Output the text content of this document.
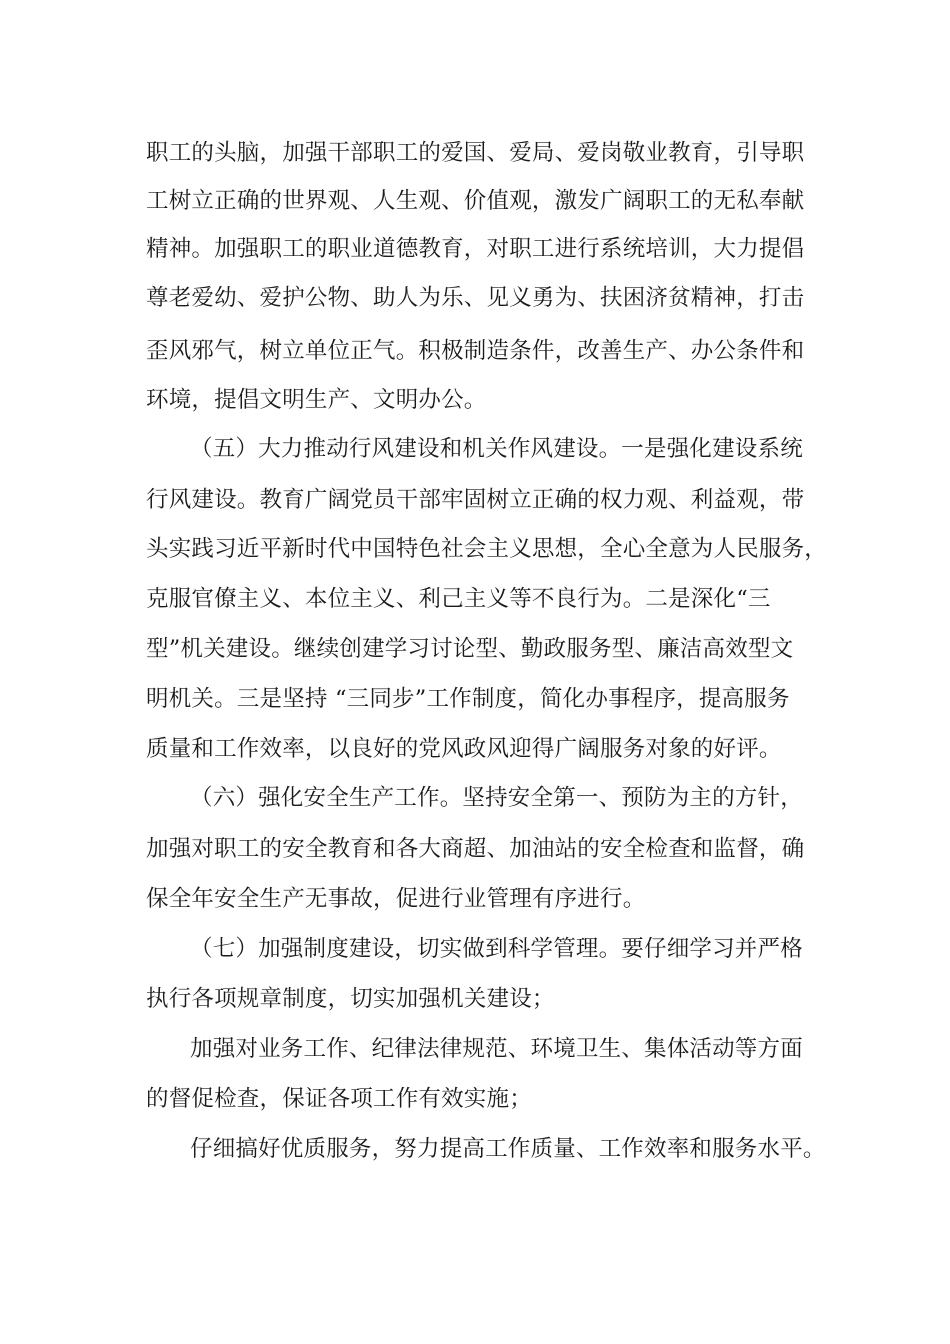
职工的头脑，加强干部职工的爱国、爱局、爱岗敬业教育，引导职
工树立正确的世界观、人生观、价值观，激发广阔职工的无私奉献
精神。加强职工的职业道德教育，对职工进行系统培训，大力提倡
尊老爱幼、爱护公物、助人为乐、见义勇为、扶困济贫精神，打击
歪风邪气，树立单位正气。积极制造条件，改善生产、办公条件和
环境，提倡文明生产、文明办公。
（五）大力推动行风建设和机关作风建设。一是强化建设系统
行风建设。教育广阔党员干部牢固树立正确的权力观、利益观，带
头实践习近平新时代中国特色社会主义思想，全心全意为人民服务，
克服官僚主义、本位主义、利己主义等不良行为。二是深化“三
型”机关建设。继续创建学习讨论型、勤政服务型、廉洁高效型文
明机关。三是坚持 “三同步”工作制度，简化办事程序，提高服务
质量和工作效率，以良好的党风政风迎得广阔服务对象的好评。
（六）强化安全生产工作。坚持安全第一、预防为主的方针，
加强对职工的安全教育和各大商超、加油站的安全检查和监督，确
保全年安全生产无事故，促进行业管理有序进行。
（七）加强制度建设，切实做到科学管理。要仔细学习并严格
执行各项规章制度，切实加强机关建设；
加强对业务工作、纪律法律规范、环境卫生、集体活动等方面
的督促检查，保证各项工作有效实施；
仔细搞好优质服务，努力提高工作质量、工作效率和服务水平。
